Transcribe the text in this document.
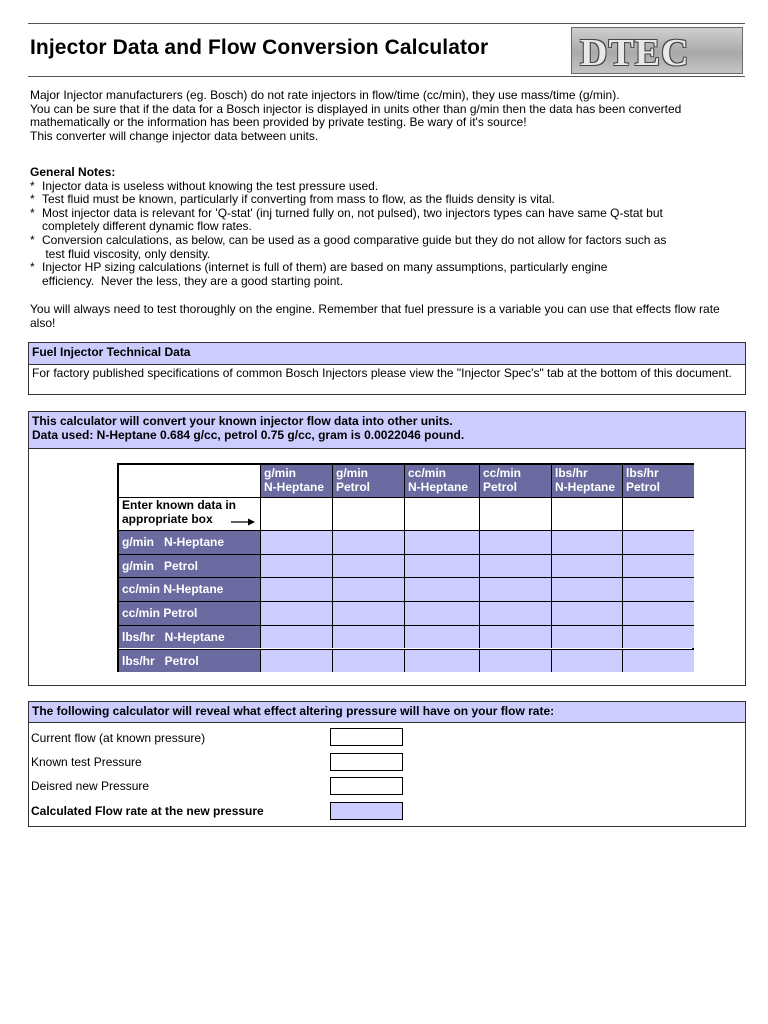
Injector Data and Flow Conversion Calculator DTEC

Major Injector manufacturers (eg. Bosch) do not rate injectors in flow/time (cc/min), they use mass/time (g/min).

You can be sure that if the data for a Bosch injector is displayed in units other than g/min then the data has been converted mathematically or the information has been provided by private testing. Be wary of it's source!

This converter will change injector data between units.

General Notes:
* Injector data is useless without knowing the test pressure used.
* Test fluid must be known, particularly if converting from mass to flow, as the fluids density is vital.
* Most injector data is relevant for 'Q-stat' (inj turned fully on, not pulsed), two injectors types can have same Q-stat but
completely different dynamic flow rates.
* Conversion calculations, as below, can be used as a good comparative guide but they do not allow for factors such as
test fluid viscosity, only density.
* Injector HP sizing calculations (internet is full of them) are based on many assumptions, particularly engine
efficiency.  Never the less, they are a good starting point.
You will always need to test thoroughly on the engine. Remember that fuel pressure is a variable you can use that effects flow rate also!
Fuel Injector Technical Data
For factory published specifications of common Bosch Injectors please view the "Injector Spec's" tab at the bottom of this document.
This calculator will convert your known injector flow data into other units.
Data used: N-Heptane 0.684 g/cc, petrol 0.75 g/cc, gram is 0.0022046 pound.
Enter known data in
appropriate box
g/min
N-Heptane
g/min
Petrol
cc/min
N-Heptane
cc/min
Petrol
lbs/hr
N-Heptane
lbs/hr
Petrol
g/min   N-Heptane
g/min   Petrol
cc/min N-Heptane
cc/min Petrol
lbs/hr   N-Heptane
lbs/hr   Petrol
The following calculator will reveal what effect altering pressure will have on your flow rate:
Current flow (at known pressure)
Known test Pressure
Deisred new Pressure
Calculated Flow rate at the new pressure
